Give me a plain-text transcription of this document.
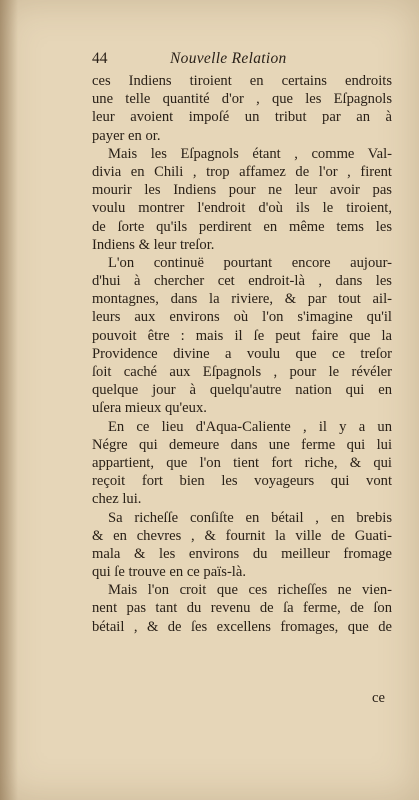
44	Nouvelle Relation
ces Indiens tiroient en certains endroits
une telle quantité d'or , que les Eſpagnols
leur avoient impoſé un tribut par an à
payer en or.
Mais les Eſpagnols étant , comme Val-
divia en Chili , trop affamez de l'or , firent
mourir les Indiens pour ne leur avoir pas
voulu montrer l'endroit d'où ils le tiroient,
de ſorte qu'ils perdirent en même tems les
Indiens & leur treſor.
L'on continuë pourtant encore aujour-
d'hui à chercher cet endroit-là , dans les
montagnes, dans la riviere, & par tout ail-
leurs aux environs où l'on s'imagine qu'il
pouvoit être : mais il ſe peut faire que la
Providence divine a voulu que ce treſor
ſoit caché aux Eſpagnols , pour le révéler
quelque jour à quelqu'autre nation qui en
uſera mieux qu'eux.
En ce lieu d'Aqua-Caliente , il y a un
Négre qui demeure dans une ferme qui lui
appartient, que l'on tient fort riche, & qui
reçoit fort bien les voyageurs qui vont
chez lui.
Sa richeſſe conſiſte en bétail , en brebis
& en chevres , & fournit la ville de Guati-
mala & les environs du meilleur fromage
qui ſe trouve en ce païs-là.
Mais l'on croit que ces richeſſes ne vien-
nent pas tant du revenu de ſa ferme, de ſon
bétail , & de ſes excellens fromages, que de
ce
